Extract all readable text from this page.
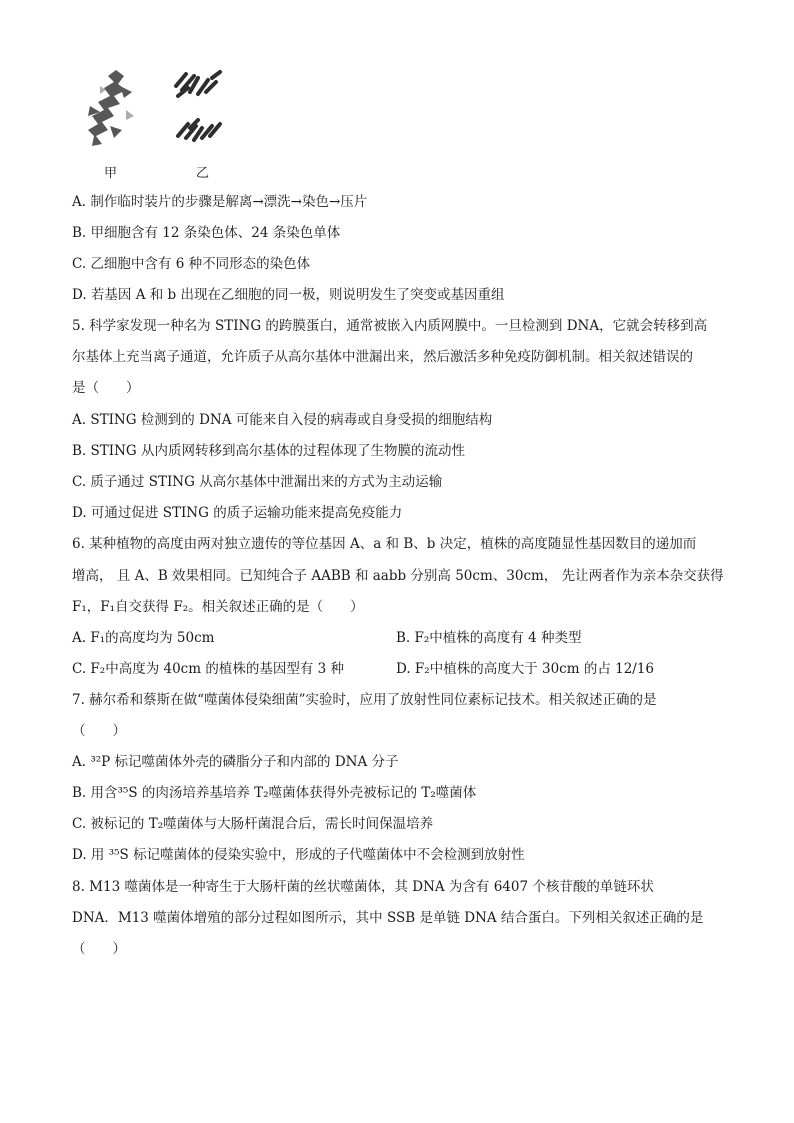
甲	乙
A. 制作临时装片的步骤是解离→漂洗→染色→压片
B. 甲细胞含有 12 条染色体、24 条染色单体
C. 乙细胞中含有 6 种不同形态的染色体
D. 若基因 A 和 b 出现在乙细胞的同一极，则说明发生了突变或基因重组
5. 科学家发现一种名为 STING 的跨膜蛋白，通常被嵌入内质网膜中。一旦检测到 DNA，它就会转移到高
尔基体上充当离子通道，允许质子从高尔基体中泄漏出来，然后激活多种免疫防御机制。相关叙述错误的
是（　　）
A. STING 检测到的 DNA 可能来自入侵的病毒或自身受损的细胞结构
B. STING 从内质网转移到高尔基体的过程体现了生物膜的流动性
C. 质子通过 STING 从高尔基体中泄漏出来的方式为主动运输
D. 可通过促进 STING 的质子运输功能来提高免疫能力
6. 某种植物的高度由两对独立遗传的等位基因 A、a 和 B、b 决定，植株的高度随显性基因数目的递加而
增高， 且 A、B 效果相同。已知纯合子 AABB 和 aabb 分别高 50cm、30cm， 先让两者作为亲本杂交获得
F₁，F₁自交获得 F₂。相关叙述正确的是（　　）
A. F₁的高度均为 50cm	B. F₂中植株的高度有 4 种类型
C. F₂中高度为 40cm 的植株的基因型有 3 种	D. F₂中植株的高度大于 30cm 的占 12/16
7. 赫尔希和蔡斯在做“噬菌体侵染细菌”实验时，应用了放射性同位素标记技术。相关叙述正确的是
（　　）
A. ³²P 标记噬菌体外壳的磷脂分子和内部的 DNA 分子
B. 用含³⁵S 的肉汤培养基培养 T₂噬菌体获得外壳被标记的 T₂噬菌体
C. 被标记的 T₂噬菌体与大肠杆菌混合后，需长时间保温培养
D. 用 ³⁵S 标记噬菌体的侵染实验中，形成的子代噬菌体中不会检测到放射性
8. M13 噬菌体是一种寄生于大肠杆菌的丝状噬菌体，其 DNA 为含有 6407 个核苷酸的单链环状
DNA．M13 噬菌体增殖的部分过程如图所示，其中 SSB 是单链 DNA 结合蛋白。下列相关叙述正确的是
（　　）
